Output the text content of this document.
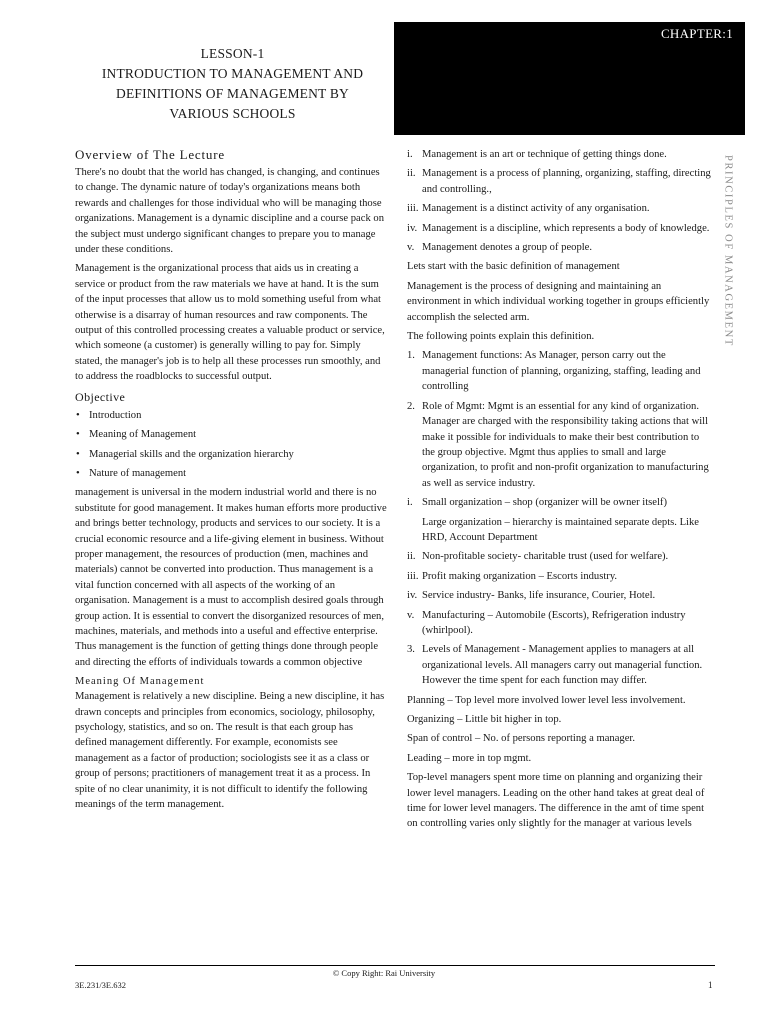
LESSON-1
INTRODUCTION TO MANAGEMENT AND
DEFINITIONS OF MANAGEMENT BY
VARIOUS SCHOOLS
CHAPTER:1
PRINCIPLES OF MANAGEMENT
Overview of The Lecture

There's no doubt that the world has changed, is changing, and continues to change. The dynamic nature of today's organizations means both rewards and challenges for those individual who will be managing those organizations. Management is a dynamic discipline and a course pack on the subject must undergo significant changes to prepare you to manage under these conditions.

Management is the organizational process that aids us in creating a service or product from the raw materials we have at hand. It is the sum of the input processes that allow us to mold something useful from what otherwise is a disarray of human resources and raw components. The output of this controlled processing creates a valuable product or service, which someone (a customer) is generally willing to pay for. Simply stated, the manager's job is to help all these processes run smoothly, and to address the roadblocks to successful output.

Objective
• Introduction
• Meaning of Management
• Managerial skills and the organization hierarchy
• Nature of management

management is universal in the modern industrial world and there is no substitute for good management. It makes human efforts more productive and brings better technology, products and services to our society. It is a crucial economic resource and a life-giving element in business. Without proper management, the resources of production (men, machines and materials) cannot be converted into production. Thus management is a vital function concerned with all aspects of the working of an organisation. Management is a must to accomplish desired goals through group action. It is essential to convert the disorganized resources of men, machines, materials, and methods into a useful and effective enterprise. Thus management is the function of getting things done through people and directing the efforts of individuals towards a common objective

Meaning Of Management

Management is relatively a new discipline. Being a new discipline, it has drawn concepts and principles from economics, sociology, philosophy, psychology, statistics, and so on. The result is that each group has defined management differently. For example, economists see management as a factor of production; sociologists see it as a class or group of persons; practitioners of management treat it as a process. In spite of no clear unanimity, it is not difficult to identify the following meanings of the term management.

i. Management is an art or technique of getting things done.
ii. Management is a process of planning, organizing, staffing, directing and controlling.,
iii. Management is a distinct activity of any organisation.
iv. Management is a discipline, which represents a body of knowledge.
v. Management denotes a group of people.

Lets start with the basic definition of management

Management is the process of designing and maintaining an environment in which individual working together in groups efficiently accomplish the selected arm.

The following points explain this definition.

1. Management functions: As Manager, person carry out the managerial function of planning, organizing, staffing, leading and controlling
2. Role of Mgmt: Mgmt is an essential for any kind of organization. Manager are charged with the responsibility taking actions that will make it possible for individuals to make their best contribution to the group objective. Mgmt thus applies to small and large organization, to profit and non-profit organization to manufacturing as well as service industry.
i. Small organization – shop (organizer will be owner itself)

Large organization – hierarchy is maintained separate depts. Like HRD, Account Department

ii. Non-profitable society- charitable trust (used for welfare).
iii. Profit making organization – Escorts industry.
iv. Service industry- Banks, life insurance, Courier, Hotel.
v. Manufacturing – Automobile (Escorts), Refrigeration industry (whirlpool).
3. Levels of Management - Management applies to managers at all organizational levels. All managers carry out managerial function. However the time spent for each function may differ.

Planning – Top level more involved lower level less involvement.

Organizing – Little bit higher in top.

Span of control – No. of persons reporting a manager.

Leading – more in top mgmt.

Top-level managers spent more time on planning and organizing their lower level managers. Leading on the other hand takes at great deal of time for lower level managers. The difference in the amt of time spent on controlling varies only slightly for the manager at various levels

© Copy Right: Rai University
3E.231/3E.632	1
